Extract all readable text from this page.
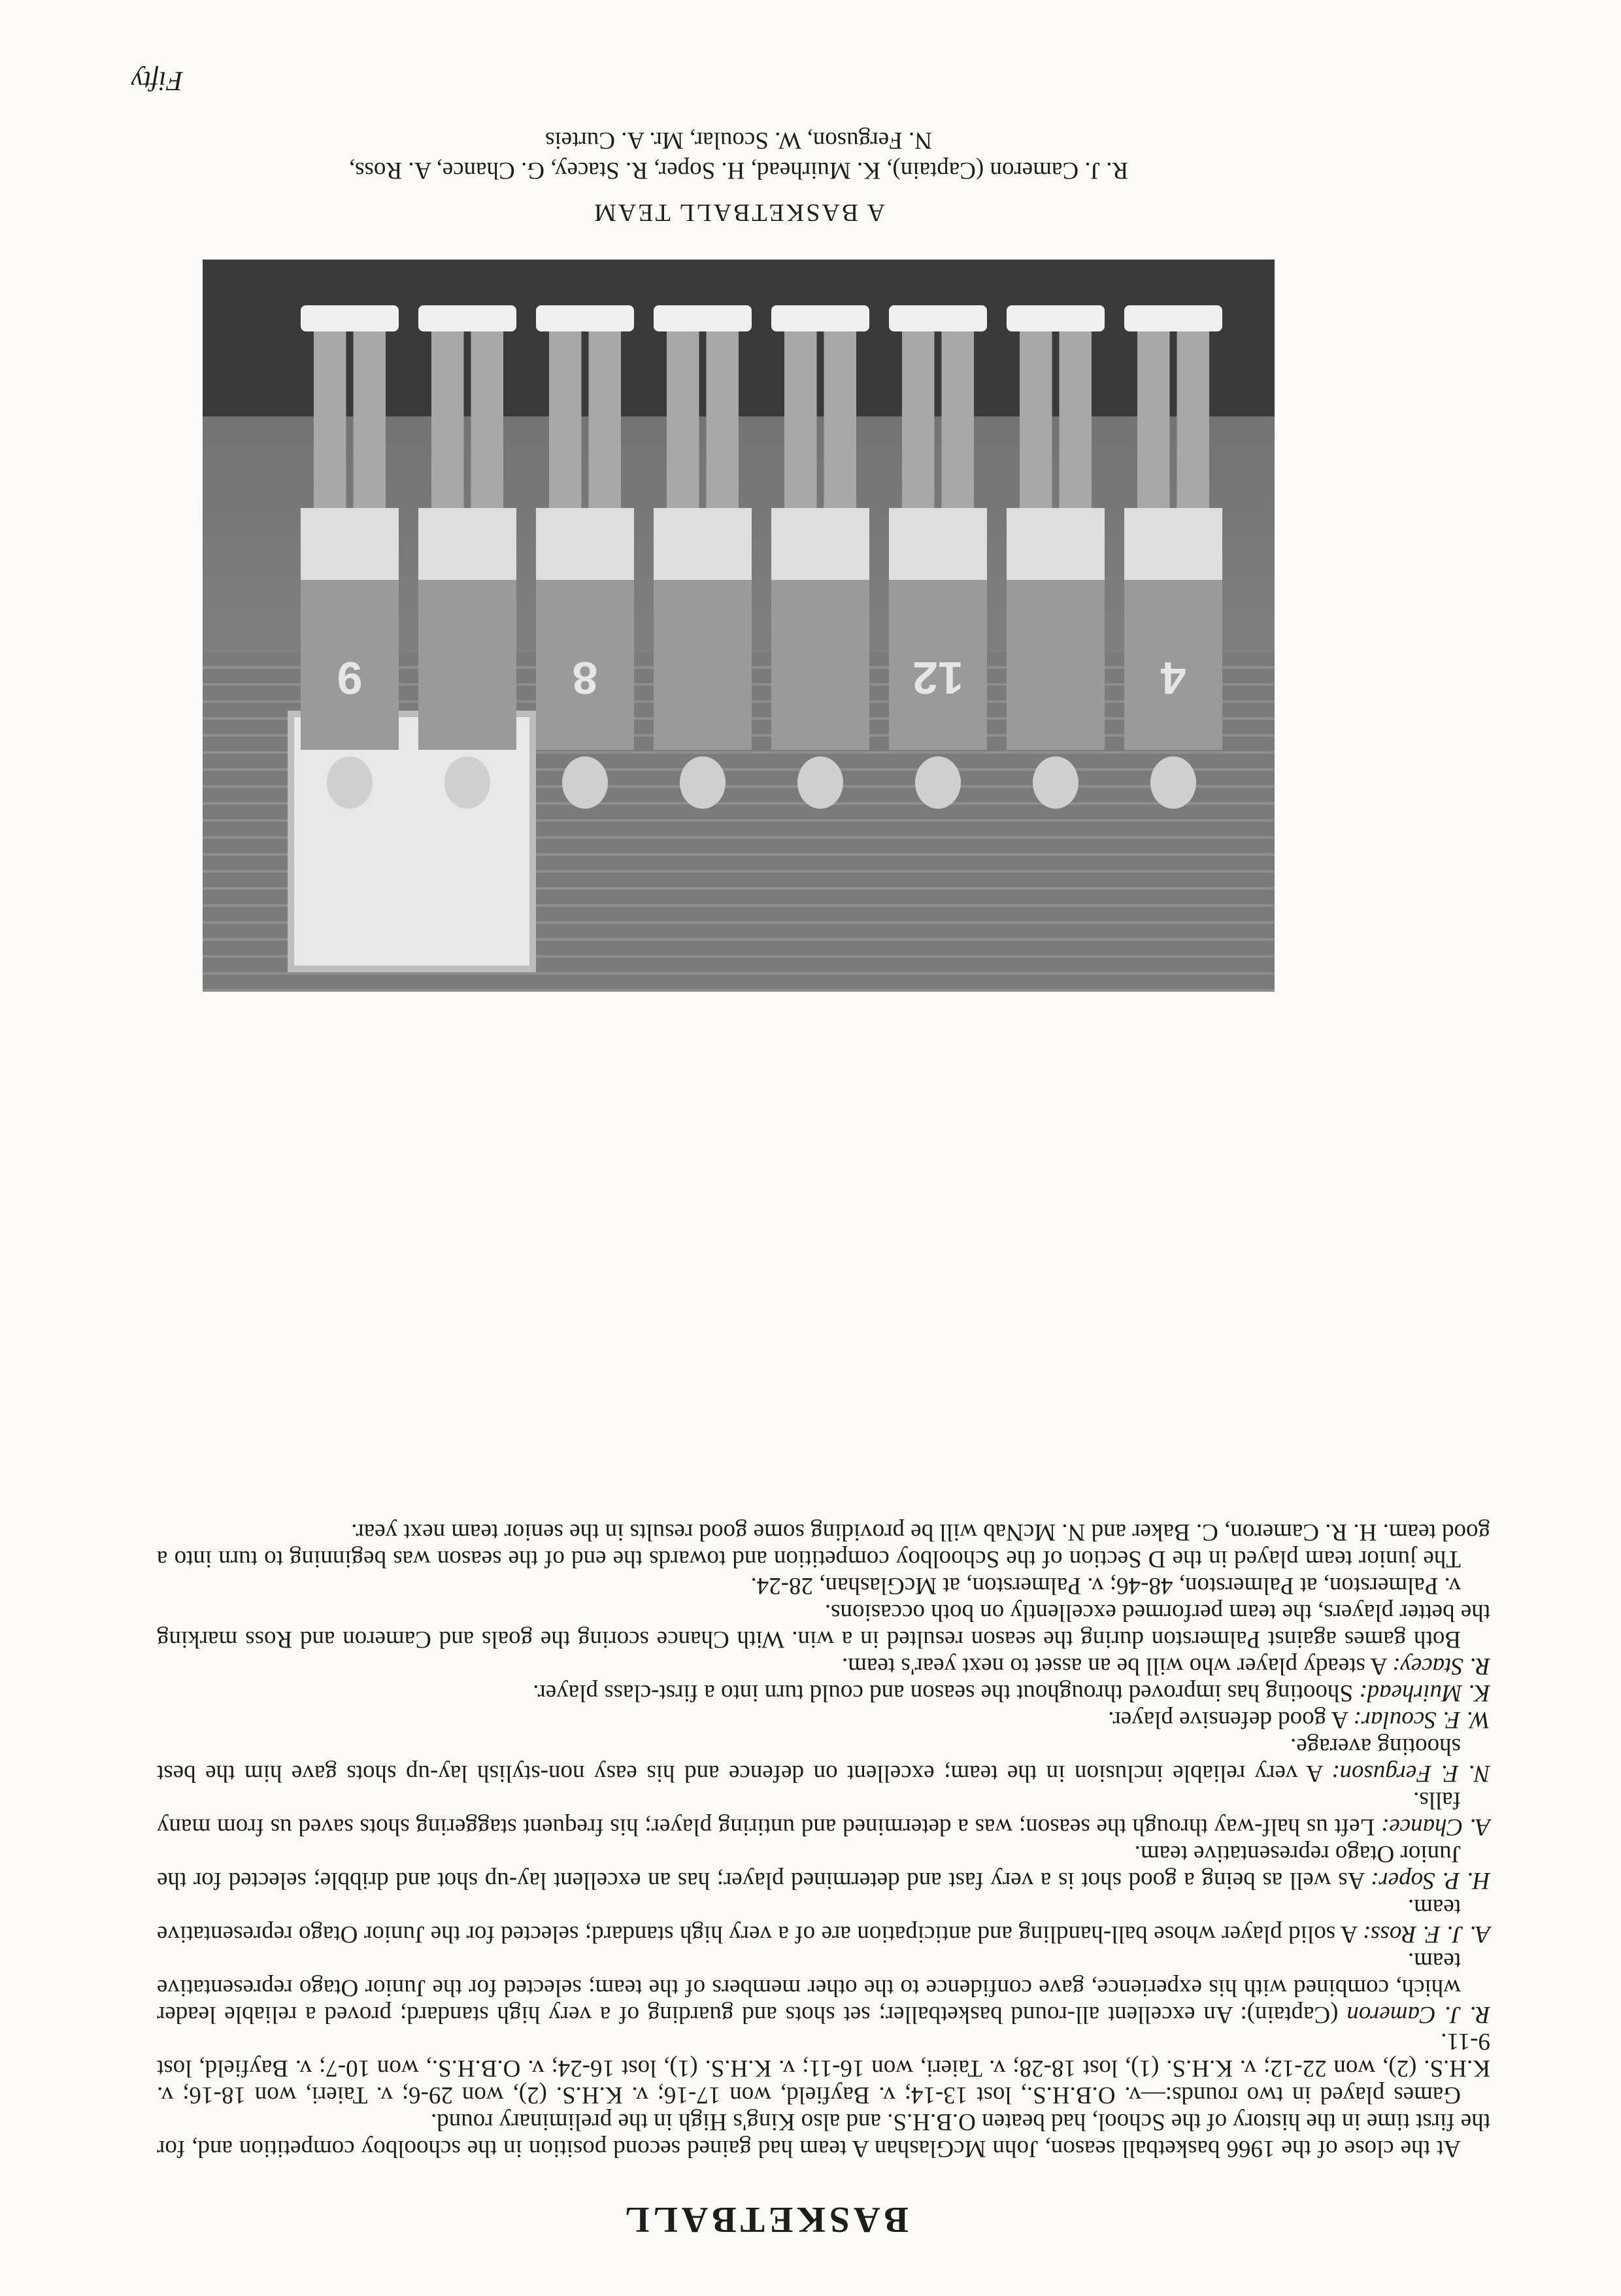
BASKETBALL

At the close of the 1966 basketball season, John McGlashan A team had gained second position in the schoolboy competition and, for the first time in the history of the School, had beaten O.B.H.S. and also King's High in the preliminary round.

Games played in two rounds:—v. O.B.H.S., lost 13-14; v. Bayfield, won 17-16; v. K.H.S. (2), won 29-6; v. Taieri, won 18-16; v. K.H.S. (2), won 22-12; v. K.H.S. (1), lost 18-28; v. Taieri, won 16-11; v. K.H.S. (1), lost 16-24; v. O.B.H.S., won 10-7; v. Bayfield, lost 9-11.

R. J. Cameron (Captain): An excellent all-round basketballer; set shots and guarding of a very high standard; proved a reliable leader which, combined with his experience, gave confidence to the other members of the team; selected for the Junior Otago representative team.

A. J. F. Ross: A solid player whose ball-handling and anticipation are of a very high standard; selected for the Junior Otago representative team.

H. P. Soper: As well as being a good shot is a very fast and determined player; has an excellent lay-up shot and dribble; selected for the Junior Otago representative team.

A. Chance: Left us half-way through the season; was a determined and untiring player; his frequent staggering shots saved us from many falls.

N. F. Ferguson: A very reliable inclusion in the team; excellent on defence and his easy non-stylish lay-up shots gave him the best shooting average.

W. F. Scoular: A good defensive player.

K. Muirhead: Shooting has improved throughout the season and could turn into a first-class player.

R. Stacey: A steady player who will be an asset to next year's team.

Both games against Palmerston during the season resulted in a win. With Chance scoring the goals and Cameron and Ross marking the better players, the team performed excellently on both occasions.

v. Palmerston, at Palmerston, 48-46; v. Palmerston, at McGlashan, 28-24.

The junior team played in the D Section of the Schoolboy competition and towards the end of the season was beginning to turn into a good team. H. R. Cameron, C. Baker and N. McNab will be providing some good results in the senior team next year.

4
12
8
9
A BASKETBALL TEAM
R. J. Cameron (Captain), K. Muirhead, H. Soper, R. Stacey, G. Chance, A. Ross,
N. Ferguson, W. Scoular, Mr. A. Curteis
Fifty
